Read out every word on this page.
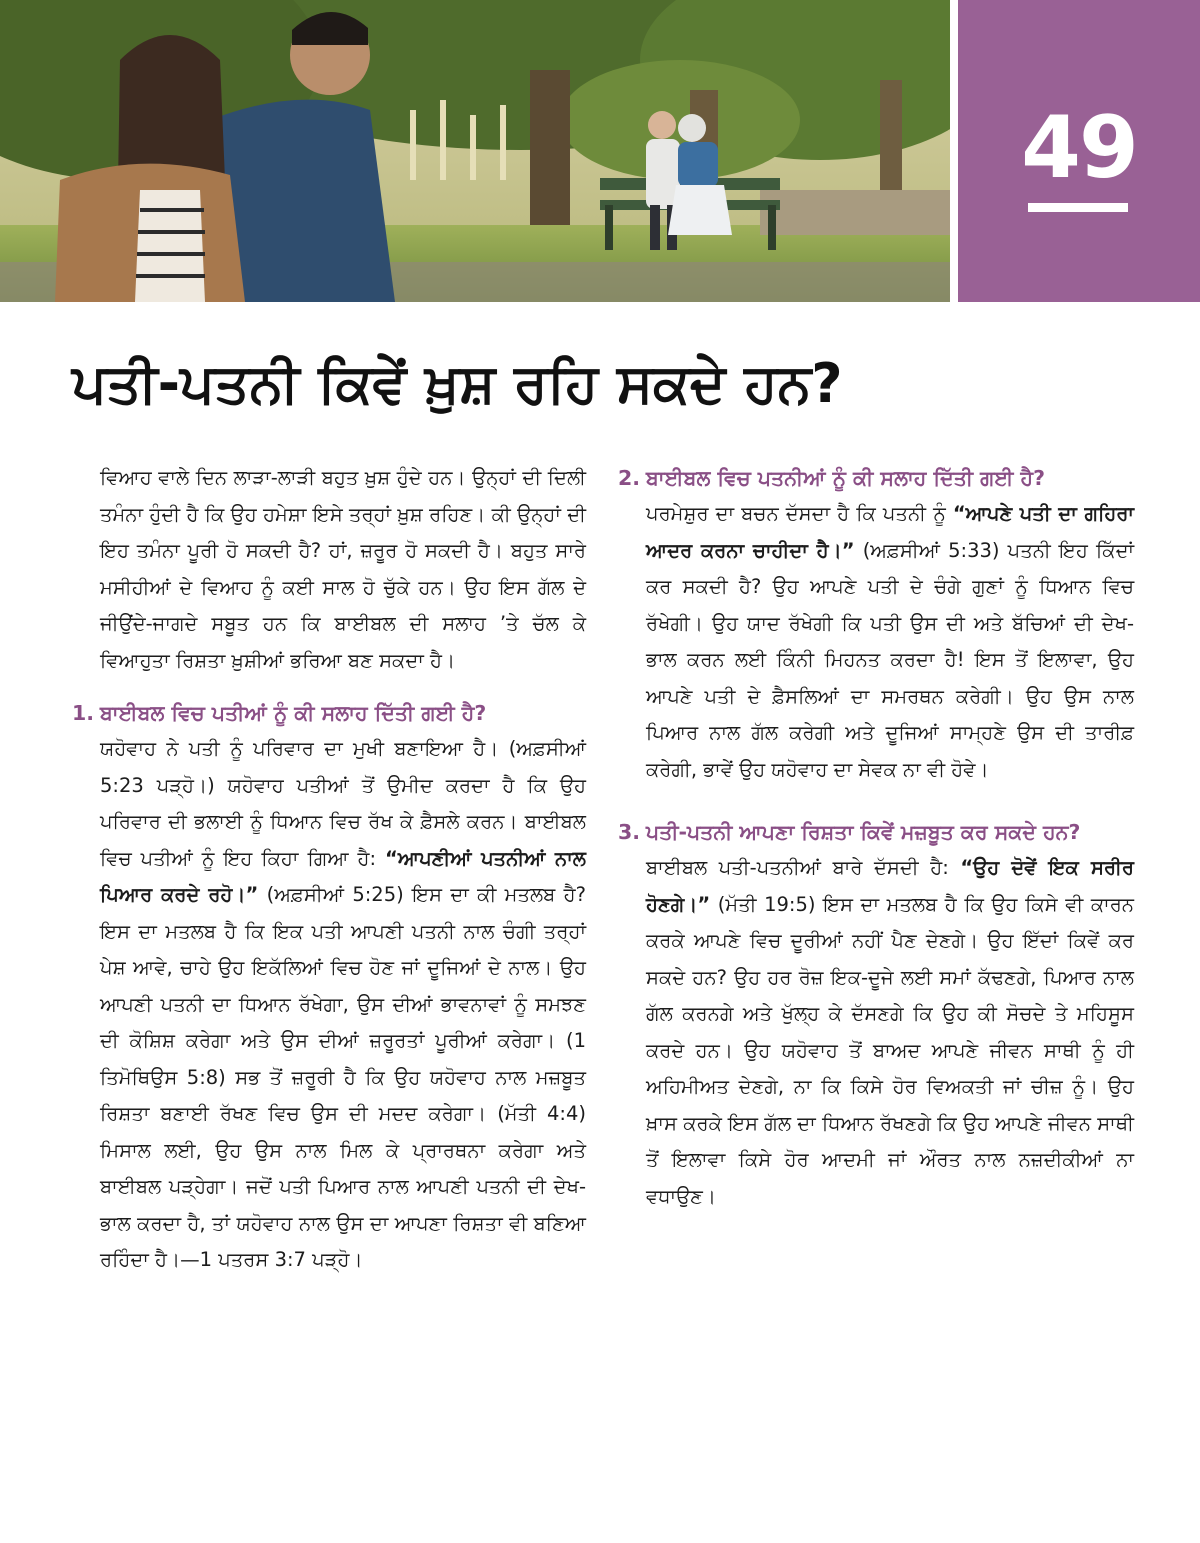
49
ਪਤੀ-ਪਤਨੀ ਕਿਵੇਂ ਖ਼ੁਸ਼ ਰਹਿ ਸਕਦੇ ਹਨ?

ਵਿਆਹ ਵਾਲੇ ਦਿਨ ਲਾੜਾ-ਲਾੜੀ ਬਹੁਤ ਖ਼ੁਸ਼ ਹੁੰਦੇ ਹਨ। ਉਨ੍ਹਾਂ ਦੀ ਦਿਲੀ ਤਮੰਨਾ ਹੁੰਦੀ ਹੈ ਕਿ ਉਹ ਹਮੇਸ਼ਾ ਇਸੇ ਤਰ੍ਹਾਂ ਖ਼ੁਸ਼ ਰਹਿਣ। ਕੀ ਉਨ੍ਹਾਂ ਦੀ ਇਹ ਤਮੰਨਾ ਪੂਰੀ ਹੋ ਸਕਦੀ ਹੈ? ਹਾਂ, ਜ਼ਰੂਰ ਹੋ ਸਕਦੀ ਹੈ। ਬਹੁਤ ਸਾਰੇ ਮਸੀਹੀਆਂ ਦੇ ਵਿਆਹ ਨੂੰ ਕਈ ਸਾਲ ਹੋ ਚੁੱਕੇ ਹਨ। ਉਹ ਇਸ ਗੱਲ ਦੇ ਜੀਉਂਦੇ-ਜਾਗਦੇ ਸਬੂਤ ਹਨ ਕਿ ਬਾਈਬਲ ਦੀ ਸਲਾਹ ’ਤੇ ਚੱਲ ਕੇ ਵਿਆਹੁਤਾ ਰਿਸ਼ਤਾ ਖ਼ੁਸ਼ੀਆਂ ਭਰਿਆ ਬਣ ਸਕਦਾ ਹੈ।

1. ਬਾਈਬਲ ਵਿਚ ਪਤੀਆਂ ਨੂੰ ਕੀ ਸਲਾਹ ਦਿੱਤੀ ਗਈ ਹੈ?

ਯਹੋਵਾਹ ਨੇ ਪਤੀ ਨੂੰ ਪਰਿਵਾਰ ਦਾ ਮੁਖੀ ਬਣਾਇਆ ਹੈ। (ਅਫ਼ਸੀਆਂ 5:23 ਪੜ੍ਹੋ।) ਯਹੋਵਾਹ ਪਤੀਆਂ ਤੋਂ ਉਮੀਦ ਕਰਦਾ ਹੈ ਕਿ ਉਹ ਪਰਿਵਾਰ ਦੀ ਭਲਾਈ ਨੂੰ ਧਿਆਨ ਵਿਚ ਰੱਖ ਕੇ ਫ਼ੈਸਲੇ ਕਰਨ। ਬਾਈਬਲ ਵਿਚ ਪਤੀਆਂ ਨੂੰ ਇਹ ਕਿਹਾ ਗਿਆ ਹੈ: “ਆਪਣੀਆਂ ਪਤਨੀਆਂ ਨਾਲ ਪਿਆਰ ਕਰਦੇ ਰਹੋ।” (ਅਫ਼ਸੀਆਂ 5:25) ਇਸ ਦਾ ਕੀ ਮਤਲਬ ਹੈ? ਇਸ ਦਾ ਮਤਲਬ ਹੈ ਕਿ ਇਕ ਪਤੀ ਆਪਣੀ ਪਤਨੀ ਨਾਲ ਚੰਗੀ ਤਰ੍ਹਾਂ ਪੇਸ਼ ਆਵੇ, ਚਾਹੇ ਉਹ ਇਕੱਲਿਆਂ ਵਿਚ ਹੋਣ ਜਾਂ ਦੂਜਿਆਂ ਦੇ ਨਾਲ। ਉਹ ਆਪਣੀ ਪਤਨੀ ਦਾ ਧਿਆਨ ਰੱਖੇਗਾ, ਉਸ ਦੀਆਂ ਭਾਵਨਾਵਾਂ ਨੂੰ ਸਮਝਣ ਦੀ ਕੋਸ਼ਿਸ਼ ਕਰੇਗਾ ਅਤੇ ਉਸ ਦੀਆਂ ਜ਼ਰੂਰਤਾਂ ਪੂਰੀਆਂ ਕਰੇਗਾ। (1 ਤਿਮੋਥਿਉਸ 5:8) ਸਭ ਤੋਂ ਜ਼ਰੂਰੀ ਹੈ ਕਿ ਉਹ ਯਹੋਵਾਹ ਨਾਲ ਮਜ਼ਬੂਤ ਰਿਸ਼ਤਾ ਬਣਾਈ ਰੱਖਣ ਵਿਚ ਉਸ ਦੀ ਮਦਦ ਕਰੇਗਾ। (ਮੱਤੀ 4:4) ਮਿਸਾਲ ਲਈ, ਉਹ ਉਸ ਨਾਲ ਮਿਲ ਕੇ ਪ੍ਰਾਰਥਨਾ ਕਰੇਗਾ ਅਤੇ ਬਾਈਬਲ ਪੜ੍ਹੇਗਾ। ਜਦੋਂ ਪਤੀ ਪਿਆਰ ਨਾਲ ਆਪਣੀ ਪਤਨੀ ਦੀ ਦੇਖ-ਭਾਲ ਕਰਦਾ ਹੈ, ਤਾਂ ਯਹੋਵਾਹ ਨਾਲ ਉਸ ਦਾ ਆਪਣਾ ਰਿਸ਼ਤਾ ਵੀ ਬਣਿਆ ਰਹਿੰਦਾ ਹੈ।—1 ਪਤਰਸ 3:7 ਪੜ੍ਹੋ।

2. ਬਾਈਬਲ ਵਿਚ ਪਤਨੀਆਂ ਨੂੰ ਕੀ ਸਲਾਹ ਦਿੱਤੀ ਗਈ ਹੈ?

ਪਰਮੇਸ਼ੁਰ ਦਾ ਬਚਨ ਦੱਸਦਾ ਹੈ ਕਿ ਪਤਨੀ ਨੂੰ “ਆਪਣੇ ਪਤੀ ਦਾ ਗਹਿਰਾ ਆਦਰ ਕਰਨਾ ਚਾਹੀਦਾ ਹੈ।” (ਅਫ਼ਸੀਆਂ 5:33) ਪਤਨੀ ਇਹ ਕਿੱਦਾਂ ਕਰ ਸਕਦੀ ਹੈ? ਉਹ ਆਪਣੇ ਪਤੀ ਦੇ ਚੰਗੇ ਗੁਣਾਂ ਨੂੰ ਧਿਆਨ ਵਿਚ ਰੱਖੇਗੀ। ਉਹ ਯਾਦ ਰੱਖੇਗੀ ਕਿ ਪਤੀ ਉਸ ਦੀ ਅਤੇ ਬੱਚਿਆਂ ਦੀ ਦੇਖ-ਭਾਲ ਕਰਨ ਲਈ ਕਿੰਨੀ ਮਿਹਨਤ ਕਰਦਾ ਹੈ! ਇਸ ਤੋਂ ਇਲਾਵਾ, ਉਹ ਆਪਣੇ ਪਤੀ ਦੇ ਫ਼ੈਸਲਿਆਂ ਦਾ ਸਮਰਥਨ ਕਰੇਗੀ। ਉਹ ਉਸ ਨਾਲ ਪਿਆਰ ਨਾਲ ਗੱਲ ਕਰੇਗੀ ਅਤੇ ਦੂਜਿਆਂ ਸਾਮ੍ਹਣੇ ਉਸ ਦੀ ਤਾਰੀਫ਼ ਕਰੇਗੀ, ਭਾਵੇਂ ਉਹ ਯਹੋਵਾਹ ਦਾ ਸੇਵਕ ਨਾ ਵੀ ਹੋਵੇ।

3. ਪਤੀ-ਪਤਨੀ ਆਪਣਾ ਰਿਸ਼ਤਾ ਕਿਵੇਂ ਮਜ਼ਬੂਤ ਕਰ ਸਕਦੇ ਹਨ?

ਬਾਈਬਲ ਪਤੀ-ਪਤਨੀਆਂ ਬਾਰੇ ਦੱਸਦੀ ਹੈ: “ਉਹ ਦੋਵੇਂ ਇਕ ਸਰੀਰ ਹੋਣਗੇ।” (ਮੱਤੀ 19:5) ਇਸ ਦਾ ਮਤਲਬ ਹੈ ਕਿ ਉਹ ਕਿਸੇ ਵੀ ਕਾਰਨ ਕਰਕੇ ਆਪਣੇ ਵਿਚ ਦੂਰੀਆਂ ਨਹੀਂ ਪੈਣ ਦੇਣਗੇ। ਉਹ ਇੱਦਾਂ ਕਿਵੇਂ ਕਰ ਸਕਦੇ ਹਨ? ਉਹ ਹਰ ਰੋਜ਼ ਇਕ-ਦੂਜੇ ਲਈ ਸਮਾਂ ਕੱਢਣਗੇ, ਪਿਆਰ ਨਾਲ ਗੱਲ ਕਰਨਗੇ ਅਤੇ ਖੁੱਲ੍ਹ ਕੇ ਦੱਸਣਗੇ ਕਿ ਉਹ ਕੀ ਸੋਚਦੇ ਤੇ ਮਹਿਸੂਸ ਕਰਦੇ ਹਨ। ਉਹ ਯਹੋਵਾਹ ਤੋਂ ਬਾਅਦ ਆਪਣੇ ਜੀਵਨ ਸਾਥੀ ਨੂੰ ਹੀ ਅਹਿਮੀਅਤ ਦੇਣਗੇ, ਨਾ ਕਿ ਕਿਸੇ ਹੋਰ ਵਿਅਕਤੀ ਜਾਂ ਚੀਜ਼ ਨੂੰ। ਉਹ ਖ਼ਾਸ ਕਰਕੇ ਇਸ ਗੱਲ ਦਾ ਧਿਆਨ ਰੱਖਣਗੇ ਕਿ ਉਹ ਆਪਣੇ ਜੀਵਨ ਸਾਥੀ ਤੋਂ ਇਲਾਵਾ ਕਿਸੇ ਹੋਰ ਆਦਮੀ ਜਾਂ ਔਰਤ ਨਾਲ ਨਜ਼ਦੀਕੀਆਂ ਨਾ ਵਧਾਉਣ।
